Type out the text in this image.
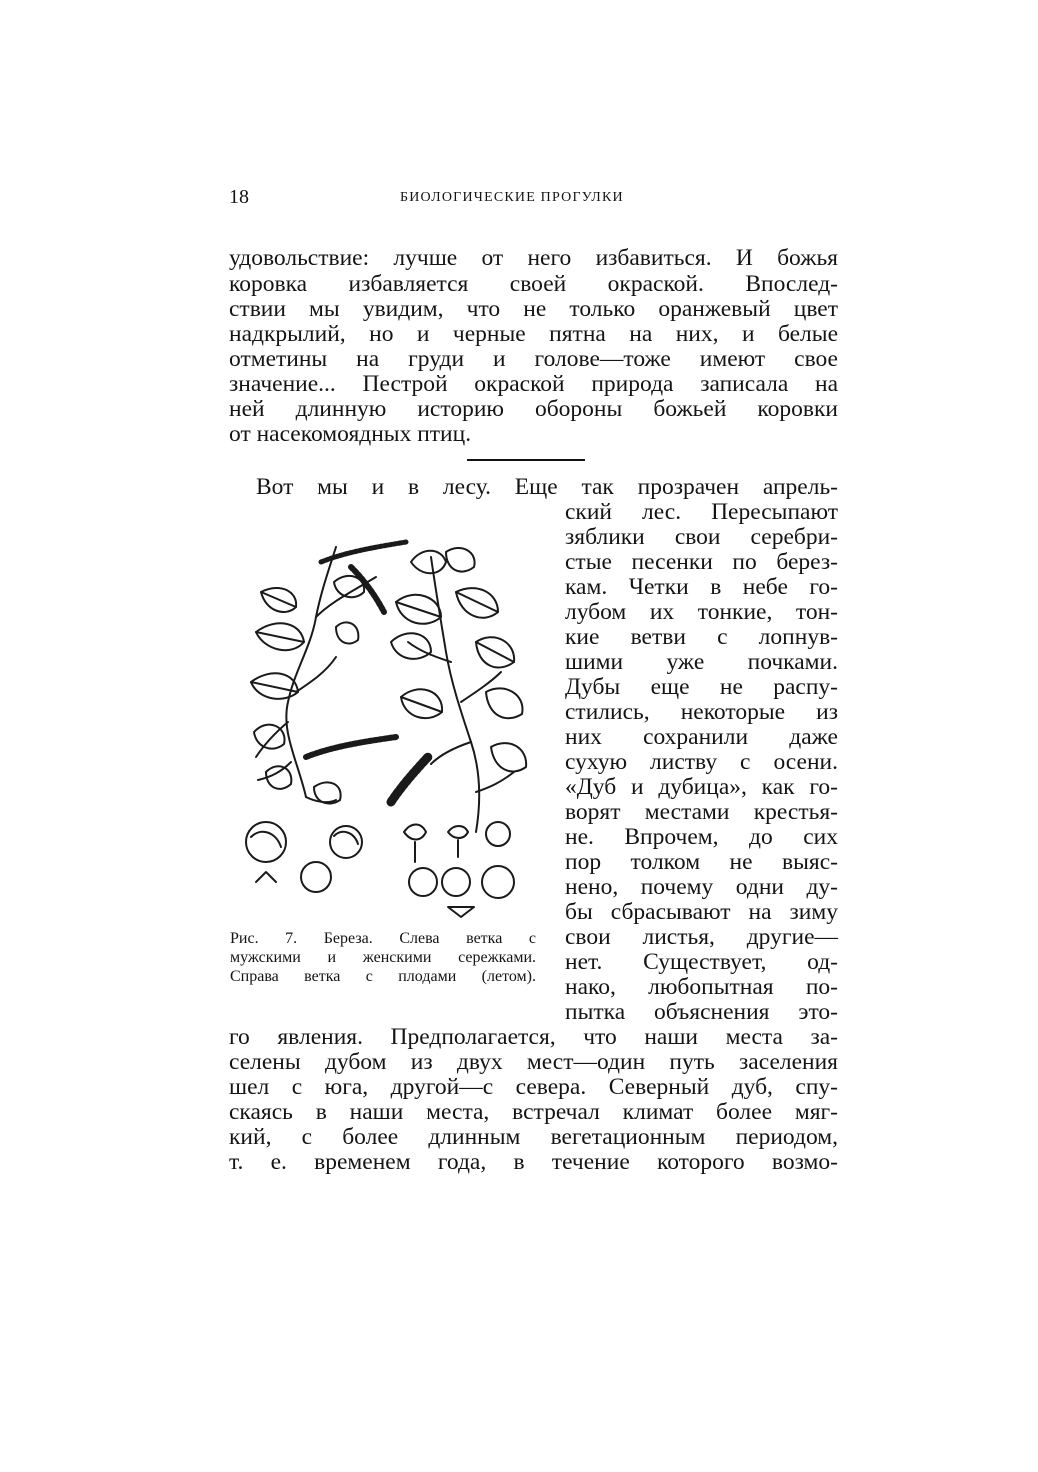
18	БИОЛОГИЧЕСКИЕ ПРОГУЛКИ
удовольствие: лучше от него избавиться. И божья
коровка избавляется своей окраской. Впослед-
ствии мы увидим, что не только оранжевый цвет
надкрылий, но и черные пятна на них, и белые
отметины на груди и голове—тоже имеют свое
значение... Пестрой окраской природа записала на
ней длинную историю обороны божьей коровки
от насекомоядных птиц.
Вот мы и в лесу. Еще так прозрачен апрель-
ский лес. Пересыпают
зяблики свои серебри-
стые песенки по берез-
кам. Четки в небе го-
лубом их тонкие, тон-
кие ветви с лопнув-
шими уже почками.
Дубы еще не распу-
стились, некоторые из
них сохранили даже
сухую листву с осени.
«Дуб и дубица», как го-
ворят местами крестья-
не. Впрочем, до сих
пор толком не выяс-
нено, почему одни ду-
бы сбрасывают на зиму
свои листья, другие—
нет. Существует, од-
нако, любопытная по-
пытка объяснения это-
го явления. Предполагается, что наши места за-
селены дубом из двух мест—один путь заселения
шел с юга, другой—с севера. Северный дуб, спу-
скаясь в наши места, встречал климат более мяг-
кий, с более длинным вегетационным периодом,
т. е. временем года, в течение которого возмо-
Рис. 7. Береза. Слева ветка с
мужскими и женскими сережками.
Справа ветка с плодами (летом).
